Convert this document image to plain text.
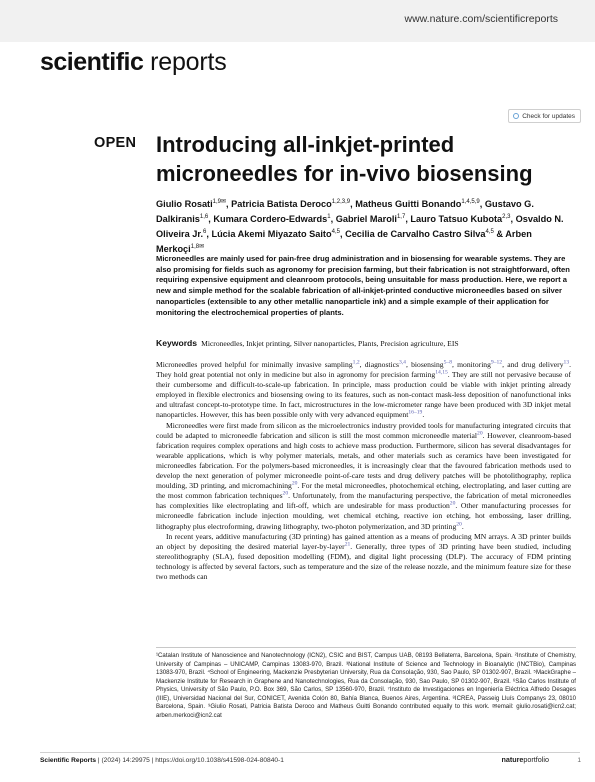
www.nature.com/scientificreports
scientific reports
Check for updates
OPEN Introducing all-inkjet-printed
microneedles for in-vivo biosensing
Giulio Rosati$^{1,9✉}$, Patricia Batista Deroco$^{1,2,3,9}$, Matheus Guitti Bonando$^{1,4,5,9}$, Gustavo G. Dalkiranis$^{1,6}$, Kumara Cordero-Edwards$^1$, Gabriel Maroli$^{1,7}$, Lauro Tatsuo Kubota$^{2,3}$, Osvaldo N. Oliveira Jr.$^6$, Lúcia Akemi Miyazato Saito$^{4,5}$, Cecilia de Carvalho Castro Silva$^{4,5}$ & Arben Merkoçi$^{1,8✉}$
Microneedles are mainly used for pain-free drug administration and in biosensing for wearable systems. They are also promising for fields such as agronomy for precision farming, but their fabrication is not straightforward, often requiring expensive equipment and cleanroom protocols, being unsuitable for mass production. Here, we report a new and simple method for the scalable fabrication of all-inkjet-printed conductive microneedles based on silver nanoparticles (extensible to any other metallic nanoparticle ink) and a simple example of their application for monitoring the electrochemical properties of plants.
Keywords Microneedles, Inkjet printing, Silver nanoparticles, Plants, Precision agriculture, EIS

Microneedles proved helpful for minimally invasive sampling$^{1,2}$, diagnostics$^{3,4}$, biosensing$^{5-8}$, monitoring$^{9-12}$, and drug delivery$^{13}$. They hold great potential not only in medicine but also in agronomy for precision farming$^{14,15}$. They are still not pervasive because of their cumbersome and difficult-to-scale-up fabrication. In principle, mass production could be viable with inkjet printing already employed in flexible electronics and biosensing owing to its features, such as non-contact mask-less deposition of nanofunctional inks and ultrafast concept-to-prototype time. In fact, microstructures in the low-micrometer range have been produced with 3D inkjet metal nanoparticles. However, this has been possible only with very advanced equipment$^{16-19}$.

Microneedles were first made from silicon as the microelectronics industry provided tools for manufacturing integrated circuits that could be adapted to microneedle fabrication and silicon is still the most common microneedle material$^{20}$. However, cleanroom-based fabrication requires complex operations and high costs to achieve mass production. Furthermore, silicon has several disadvantages for wearable applications, which is why polymer materials, metals, and other materials such as ceramics have been investigated for microneedles fabrication. For the polymers-based microneedles, it is increasingly clear that the favoured fabrication methods used to develop the next generation of polymer microneedle point-of-care tests and drug delivery patches will be photolithography, replica moulding, 3D printing, and micromachining$^{20}$. For the metal microneedles, photochemical etching, electroplating, and laser cutting are the most common fabrication techniques$^{20}$. Unfortunately, from the manufacturing perspective, the fabrication of metal microneedles has complexities like electroplating and lift-off, which are undesirable for mass production$^{20}$. Other manufacturing processes for microneedle fabrication include injection moulding, wet chemical etching, reactive ion etching, hot embossing, laser drilling, lithography plus electroforming, drawing lithography, two-photon polymerization, and 3D printing$^{20}$.

In recent years, additive manufacturing (3D printing) has gained attention as a means of producing MN arrays. A 3D printer builds an object by depositing the desired material layer-by-layer$^{21}$. Generally, three types of 3D printing have been studied, including stereolithography (SLA), fused deposition modelling (FDM), and digital light processing (DLP). The accuracy of FDM printing technology is affected by several factors, such as temperature and the size of the release nozzle, and the minimum feature size for these two methods can

¹Catalan Institute of Nanoscience and Nanotechnology (ICN2), CSIC and BIST, Campus UAB, 08193 Bellaterra, Barcelona, Spain. ²Institute of Chemistry, University of Campinas – UNICAMP, Campinas 13083-970, Brazil. ³National Institute of Science and Technology in Bioanalytic (INCTBio), Campinas 13083-970, Brazil. ⁴School of Engineering, Mackenzie Presbyterian University, Rua da Consolação, 930, Sao Paulo, SP 01302-907, Brazil. ⁵MackGraphe – Mackenzie Institute for Research in Graphene and Nanotechnologies, Rua da Consolação, 930, Sao Paulo, SP 01302-907, Brazil. ⁶São Carlos Institute of Physics, University of São Paulo, P.O. Box 369, São Carlos, SP 13560-970, Brazil. ⁷Instituto de Investigaciones en Ingeniería Eléctrica Alfredo Desages (IIIE), Universidad Nacional del Sur, CONICET, Avenida Colón 80, Bahía Blanca, Buenos Aires, Argentina. ⁸ICREA, Passeig Lluís Companys 23, 08010 Barcelona, Spain. ⁹Giulio Rosati, Patricia Batista Deroco and Matheus Guitti Bonando contributed equally to this work. ✉email: giulio.rosati@icn2.cat; arben.merkoci@icn2.cat
Scientific Reports | (2024) 14:29975 | https://doi.org/10.1038/s41598-024-80840-1	natureportfolio	1
